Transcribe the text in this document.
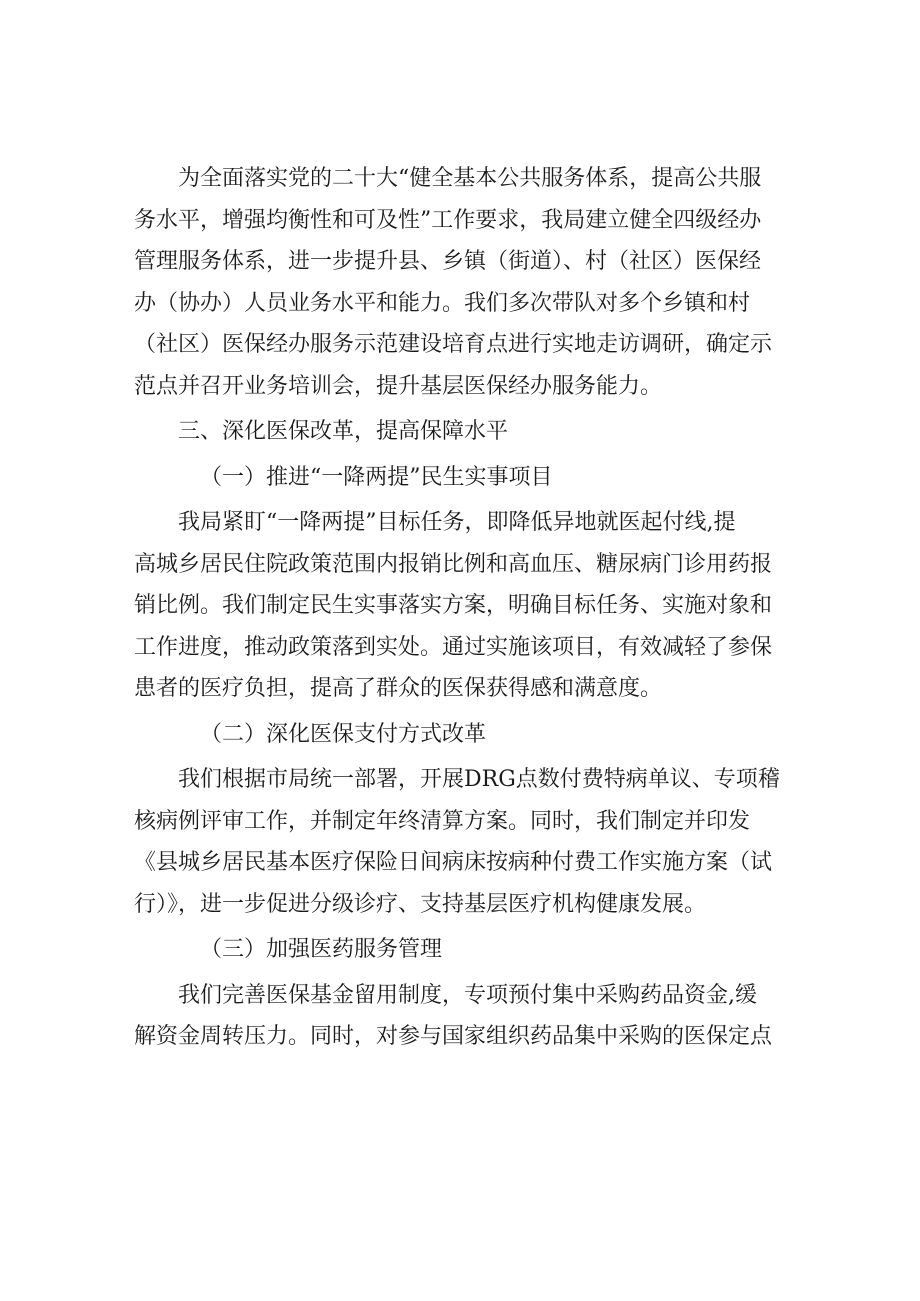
为全面落实党的二十大“健全基本公共服务体系，提高公共服
务水平，增强均衡性和可及性”工作要求，我局建立健全四级经办
管理服务体系，进一步提升县、乡镇（街道）、村（社区）医保经
办（协办）人员业务水平和能力。我们多次带队对多个乡镇和村
（社区）医保经办服务示范建设培育点进行实地走访调研，确定示
范点并召开业务培训会，提升基层医保经办服务能力。
三、深化医保改革，提高保障水平
（一）推进“一降两提”民生实事项目
我局紧盯“一降两提”目标任务，即降低异地就医起付线,提
高城乡居民住院政策范围内报销比例和高血压、糖尿病门诊用药报
销比例。我们制定民生实事落实方案，明确目标任务、实施对象和
工作进度，推动政策落到实处。通过实施该项目，有效减轻了参保
患者的医疗负担，提高了群众的医保获得感和满意度。
（二）深化医保支付方式改革
我们根据市局统一部署，开展DRG点数付费特病单议、专项稽
核病例评审工作，并制定年终清算方案。同时，我们制定并印发
《县城乡居民基本医疗保险日间病床按病种付费工作实施方案（试
行）》，进一步促进分级诊疗、支持基层医疗机构健康发展。
（三）加强医药服务管理
我们完善医保基金留用制度，专项预付集中采购药品资金,缓
解资金周转压力。同时，对参与国家组织药品集中采购的医保定点
